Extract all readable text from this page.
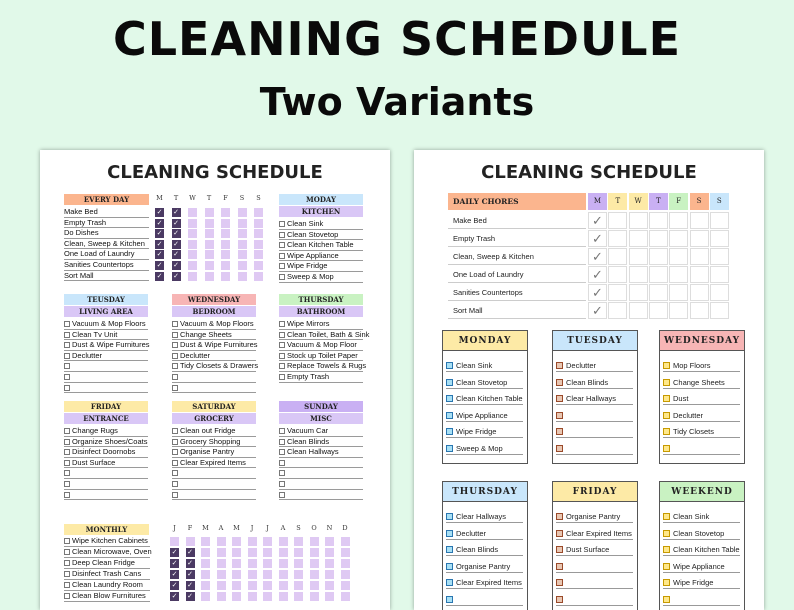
CLEANING SCHEDULE
Two Variants
CLEANING SCHEDULE
EVERY DAY	M	T	W	T	F	S	S
Make Bed	✓ ✓
Empty Trash	✓ ✓
Do Dishes	✓ ✓
Clean, Sweep & Kitchen	✓ ✓
One Load of Laundry	✓ ✓
Sanities Countertops	✓ ✓
Sort Mall	✓ ✓
MODAY
KITCHEN
Clean Sink
Clean Stovetop
Clean Kitchen Table
Wipe Appliance
Wipe Fridge
Sweep & Mop
TEUSDAY
LIVING AREA
Vacuum & Mop Floors
Clean Tv Unit
Dust & Wipe Furnitures
Declutter
WEDNESDAY
BEDROOM
Vacuum & Mop Floors
Change Sheets
Dust & Wipe Furnitures
Declutter
Tidy Closets & Drawers
THURSDAY
BATHROOM
Wipe Mirrors
Clean Toilet, Bath & Sink
Vacuum & Mop Floor
Stock up Toilet Paper
Replace Towels & Rugs
Empty Trash
FRIDAY
ENTRANCE
Change Rugs
Organize Shoes/Coats
Disinfect Doornobs
Dust Surface
SATURDAY
GROCERY
Clean out Fridge
Grocery Shopping
Organise Pantry
Clear Expired Items
SUNDAY
MISC
Vacuum Car
Clean Blinds
Clean Hallways
MONTHLY	J	F	M	A	M	J	J	A	S	O N D
Wipe Kitchen Cabinets
Clean Microwave, Oven	✓ ✓
Deep Clean Fridge	✓ ✓
Disinfect Trash Cans	✓ ✓
Clean Laundry Room	✓ ✓
Clean Blow Furnitures	✓ ✓
CLEANING SCHEDULE
DAILY CHORES	M	T	W	T	F	S	S
Make Bed	✓
Empty Trash	✓
Clean, Sweep & Kitchen	✓
One Load of Laundry	✓
Sanities Countertops	✓
Sort Mall	✓
MONDAY
Clean Sink
Clean Stovetop
Clean Kitchen Table
Wipe Appliance
Wipe Fridge
Sweep & Mop
TUESDAY
Declutter
Clean Blinds
Clear Hallways
WEDNESDAY
Mop Floors
Change Sheets
Dust
Declutter
Tidy Closets
THURSDAY
Clear Hallways
Declutter
Clean Blinds
Organise Pantry
Clear Expired Items
FRIDAY
Organise Pantry
Clear Expired Items
Dust Surface
WEEKEND
Clean Sink
Clean Stovetop
Clean Kitchen Table
Wipe Appliance
Wipe Fridge
